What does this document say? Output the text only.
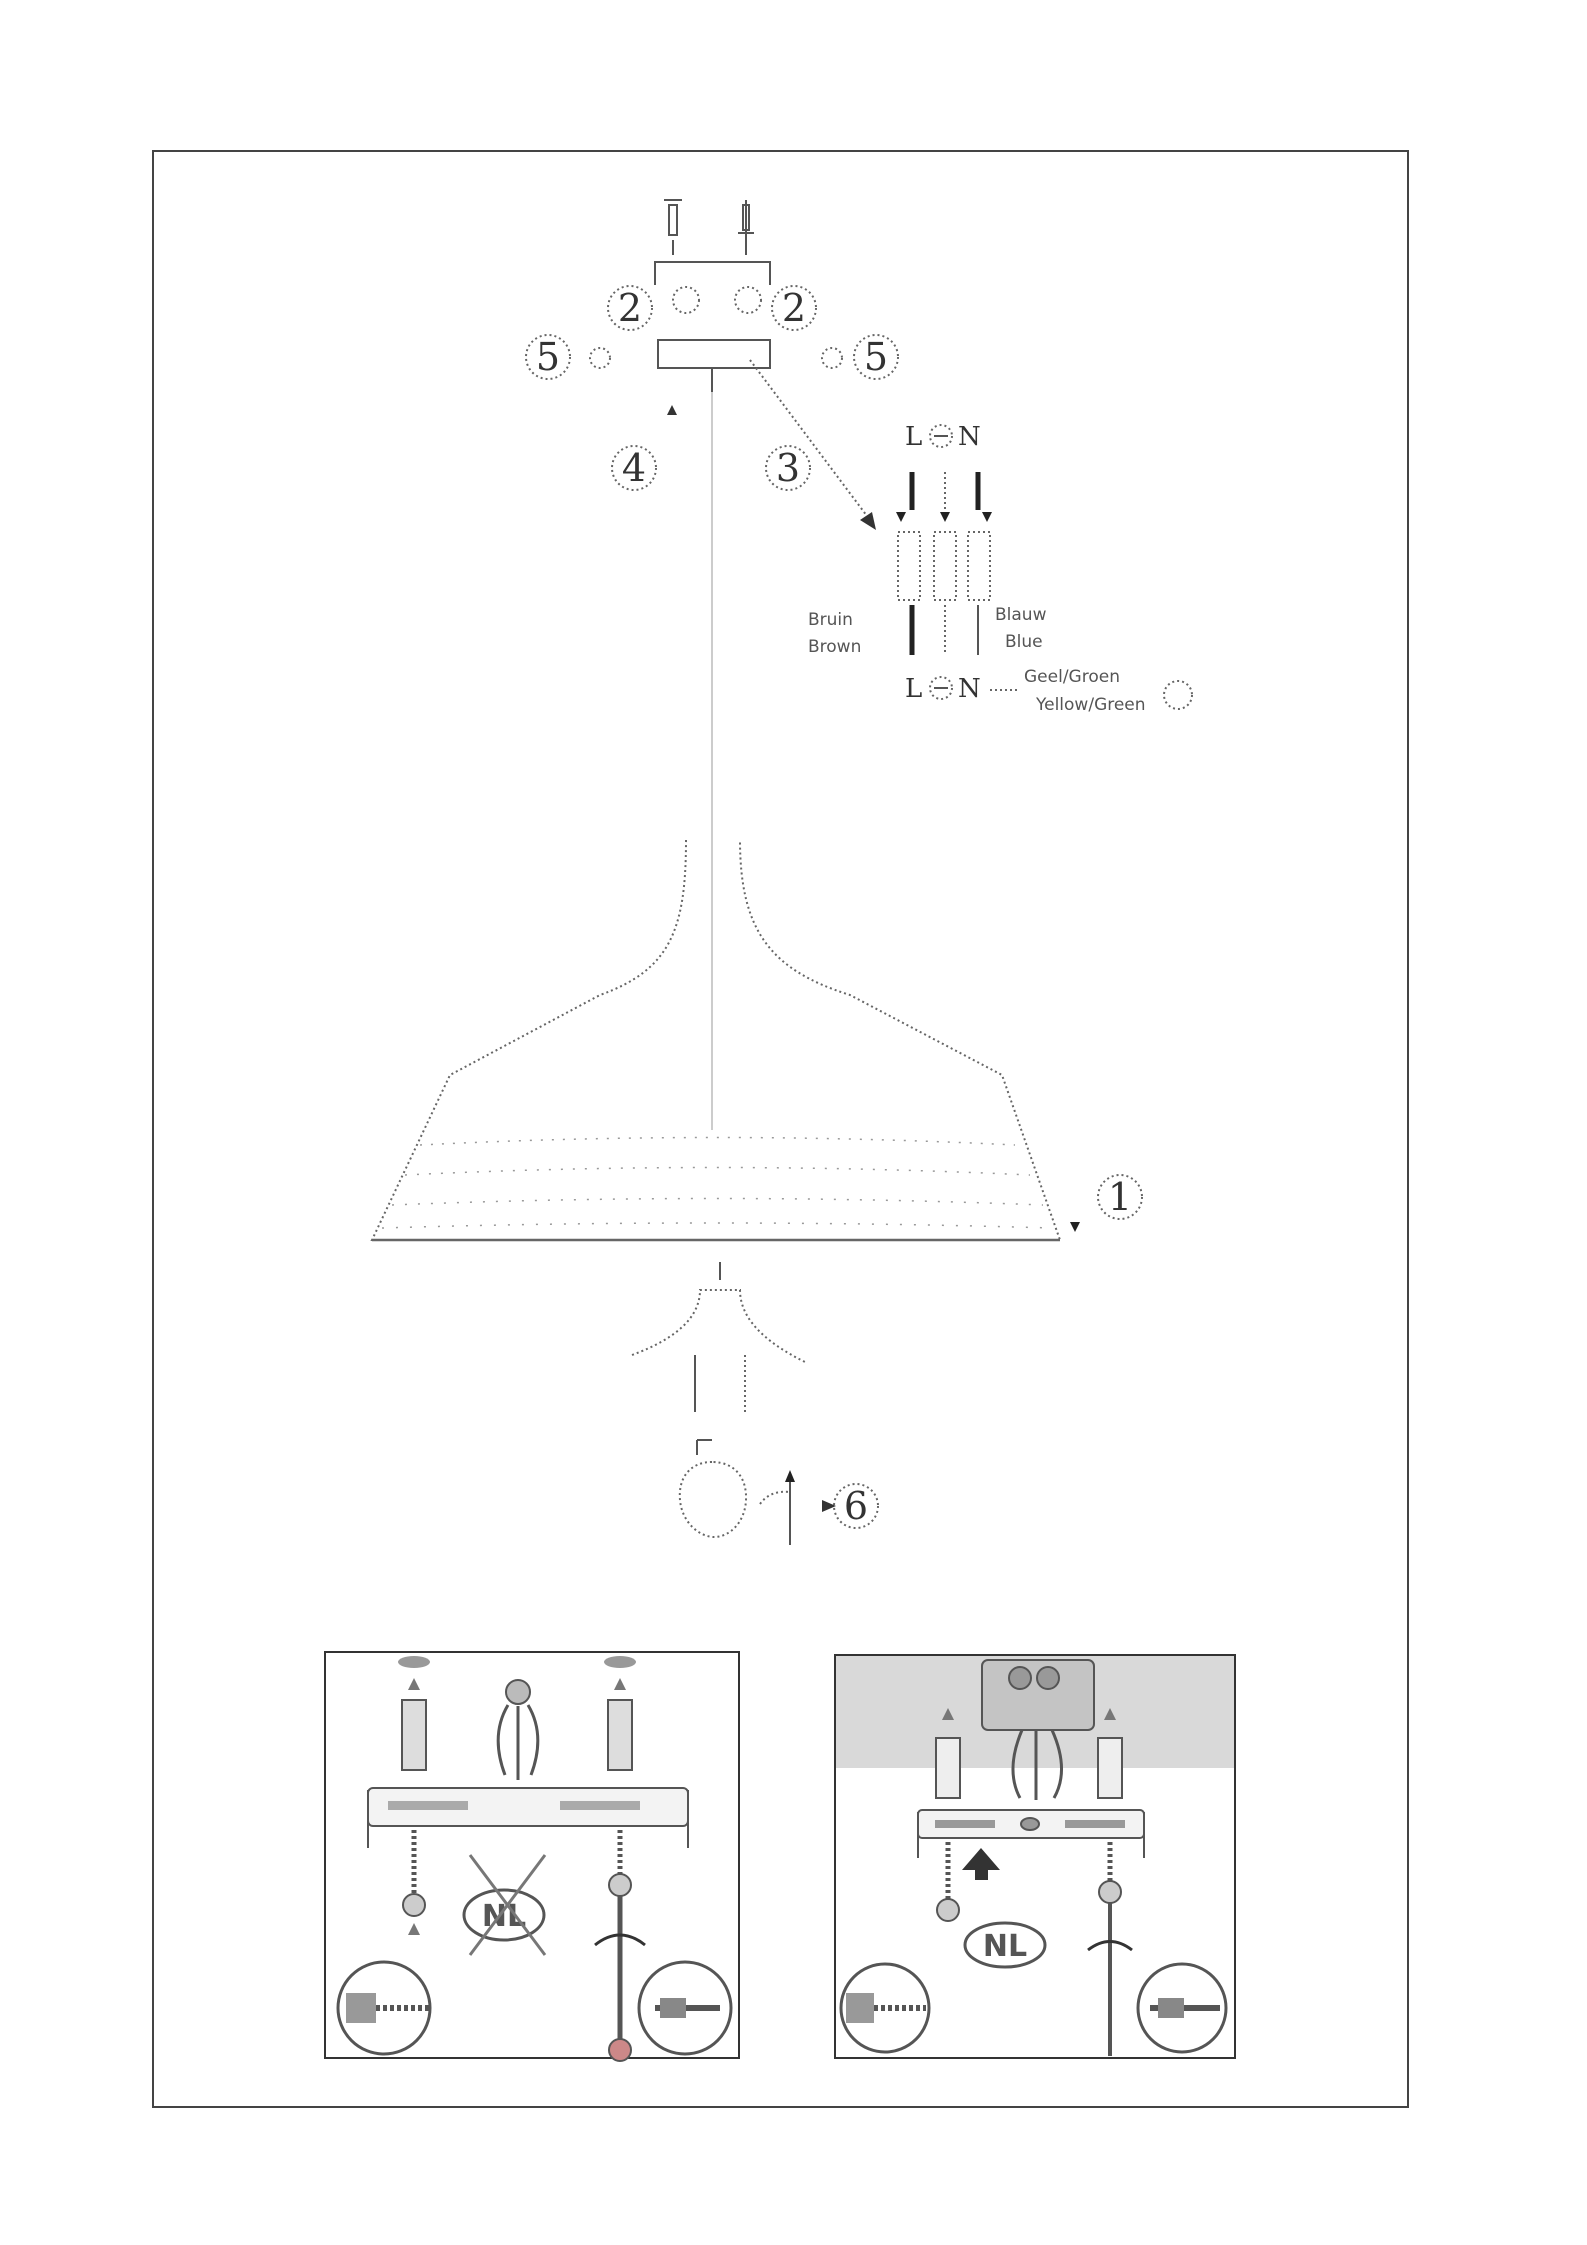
2	2
5	5
4	3
1
6
L N
Bruin
Brown
Blauw
Blue
L N	Geel/Groen
Yellow/Green
NL
NL
